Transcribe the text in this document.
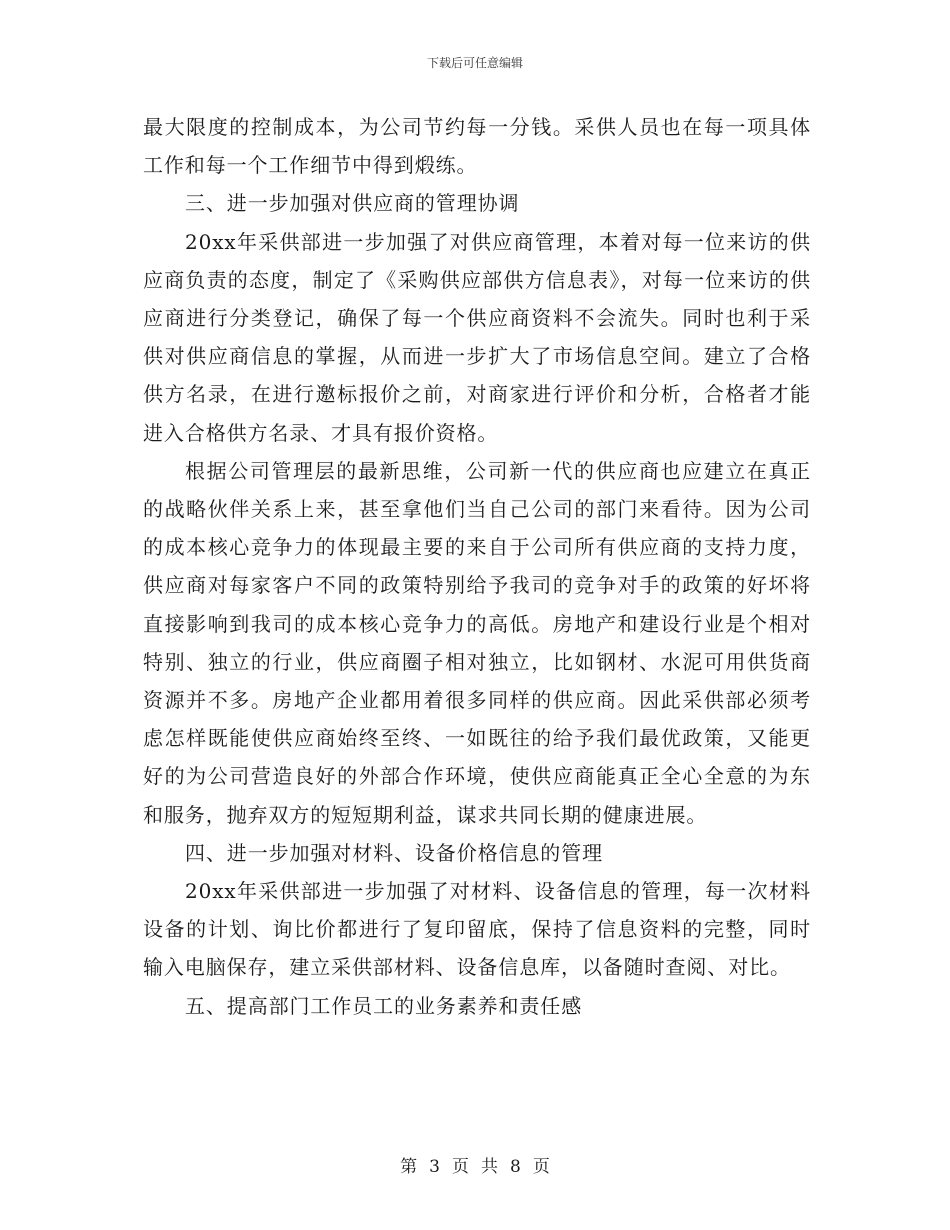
下载后可任意编辑

最大限度的控制成本，为公司节约每一分钱。采供人员也在每一项具体工作和每一个工作细节中得到煅练。

三、进一步加强对供应商的管理协调

20xx年采供部进一步加强了对供应商管理，本着对每一位来访的供应商负责的态度，制定了《采购供应部供方信息表》，对每一位来访的供应商进行分类登记，确保了每一个供应商资料不会流失。同时也利于采供对供应商信息的掌握，从而进一步扩大了市场信息空间。建立了合格供方名录，在进行邀标报价之前，对商家进行评价和分析，合格者才能进入合格供方名录、才具有报价资格。

根据公司管理层的最新思维，公司新一代的供应商也应建立在真正的战略伙伴关系上来，甚至拿他们当自己公司的部门来看待。因为公司的成本核心竞争力的体现最主要的来自于公司所有供应商的支持力度，供应商对每家客户不同的政策特别给予我司的竞争对手的政策的好坏将直接影响到我司的成本核心竞争力的高低。房地产和建设行业是个相对特别、独立的行业，供应商圈子相对独立，比如钢材、水泥可用供货商资源并不多。房地产企业都用着很多同样的供应商。因此采供部必须考虑怎样既能使供应商始终至终、一如既往的给予我们最优政策，又能更好的为公司营造良好的外部合作环境，使供应商能真正全心全意的为东和服务，抛弃双方的短短期利益，谋求共同长期的健康进展。

四、进一步加强对材料、设备价格信息的管理

20xx年采供部进一步加强了对材料、设备信息的管理，每一次材料设备的计划、询比价都进行了复印留底，保持了信息资料的完整，同时输入电脑保存，建立采供部材料、设备信息库，以备随时查阅、对比。

五、提高部门工作员工的业务素养和责任感

第 3 页 共 8 页
